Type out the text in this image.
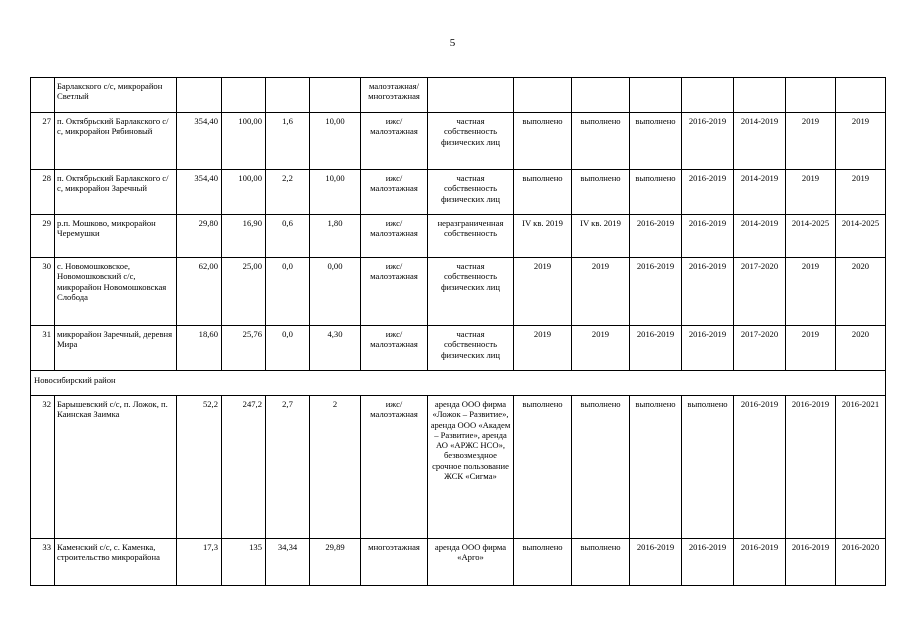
5
	Барлакского с/с, микрорайон Светлый					малоэтажная/ многоэтажная								
27	п. Октябрьский Барлакского с/с, микрорайон Рябиновый	354,40	100,00	1,6	10,00	ижс/ малоэтажная	частная собственность физических лиц	выполнено	выполнено	выполнено	2016-2019	2014-2019	2019	2019
28	п. Октябрьский Барлакского с/с, микрорайон Заречный	354,40	100,00	2,2	10,00	ижс/ малоэтажная	частная собственность физических лиц	выполнено	выполнено	выполнено	2016-2019	2014-2019	2019	2019
29	р.п. Мошково, микрорайон Черемушки	29,80	16,90	0,6	1,80	ижс/ малоэтажная	неразграниченная собственность	IV кв. 2019	IV кв. 2019	2016-2019	2016-2019	2014-2019	2014-2025	2014-2025
30	с. Новомошковское, Новомошковский с/с, микрорайон Новомошковская Слобода	62,00	25,00	0,0	0,00	ижс/ малоэтажная	частная собственность физических лиц	2019	2019	2016-2019	2016-2019	2017-2020	2019	2020
31	микрорайон Заречный, деревня Мира	18,60	25,76	0,0	4,30	ижс/ малоэтажная	частная собственность физических лиц	2019	2019	2016-2019	2016-2019	2017-2020	2019	2020
Новосибирский район														
32	Барышевский с/с, п. Ложок, п. Каинская Заимка	52,2	247,2	2,7	2	ижс/ малоэтажная	аренда ООО фирма «Ложок – Развитие», аренда ООО «Академ – Развитие», аренда АО «АРЖС НСО», безвозмездное срочное пользование ЖСК «Сигма»	выполнено	выполнено	выполнено	выполнено	2016-2019	2016-2019	2016-2021
33	Каменский с/с, с. Каменка, строительство микрорайона	17,3	135	34,34	29,89	многоэтажная	аренда ООО фирма «Арго»	выполнено	выполнено	2016-2019	2016-2019	2016-2019	2016-2019	2016-2020
